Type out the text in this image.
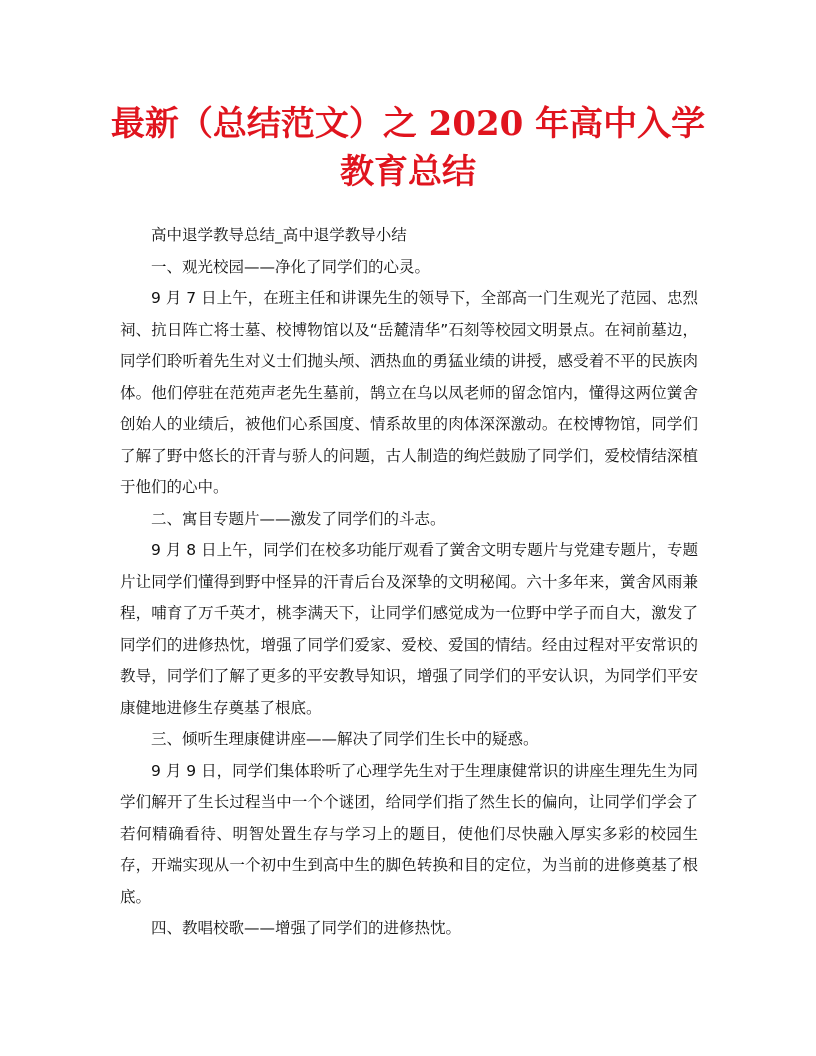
最新（总结范文）之 2020 年高中入学教育总结

高中退学教导总结_高中退学教导小结

一、观光校园——净化了同学们的心灵。

9 月 7 日上午，在班主任和讲课先生的领导下，全部高一门生观光了范园、忠烈祠、抗日阵亡将士墓、校博物馆以及“岳麓清华”石刻等校园文明景点。在祠前墓边，同学们聆听着先生对义士们抛头颅、洒热血的勇猛业绩的讲授，感受着不平的民族肉体。他们停驻在范苑声老先生墓前，鹄立在乌以凤老师的留念馆内，懂得这两位黉舍创始人的业绩后，被他们心系国度、情系故里的肉体深深激动。在校博物馆，同学们了解了野中悠长的汗青与骄人的问题，古人制造的绚烂鼓励了同学们，爱校情结深植于他们的心中。

二、寓目专题片——激发了同学们的斗志。

9 月 8 日上午，同学们在校多功能厅观看了黉舍文明专题片与党建专题片，专题片让同学们懂得到野中怪异的汗青后台及深挚的文明秘闻。六十多年来，黉舍风雨兼程，哺育了万千英才，桃李满天下，让同学们感觉成为一位野中学子而自大，激发了同学们的进修热忱，增强了同学们爱家、爱校、爱国的情结。经由过程对平安常识的教导，同学们了解了更多的平安教导知识，增强了同学们的平安认识，为同学们平安康健地进修生存奠基了根底。

三、倾听生理康健讲座——解决了同学们生长中的疑惑。

9 月 9 日，同学们集体聆听了心理学先生对于生理康健常识的讲座生理先生为同学们解开了生长过程当中一个个谜团，给同学们指了然生长的偏向，让同学们学会了若何精确看待、明智处置生存与学习上的题目，使他们尽快融入厚实多彩的校园生存，开端实现从一个初中生到高中生的脚色转换和目的定位，为当前的进修奠基了根底。

四、教唱校歌——增强了同学们的进修热忱。
